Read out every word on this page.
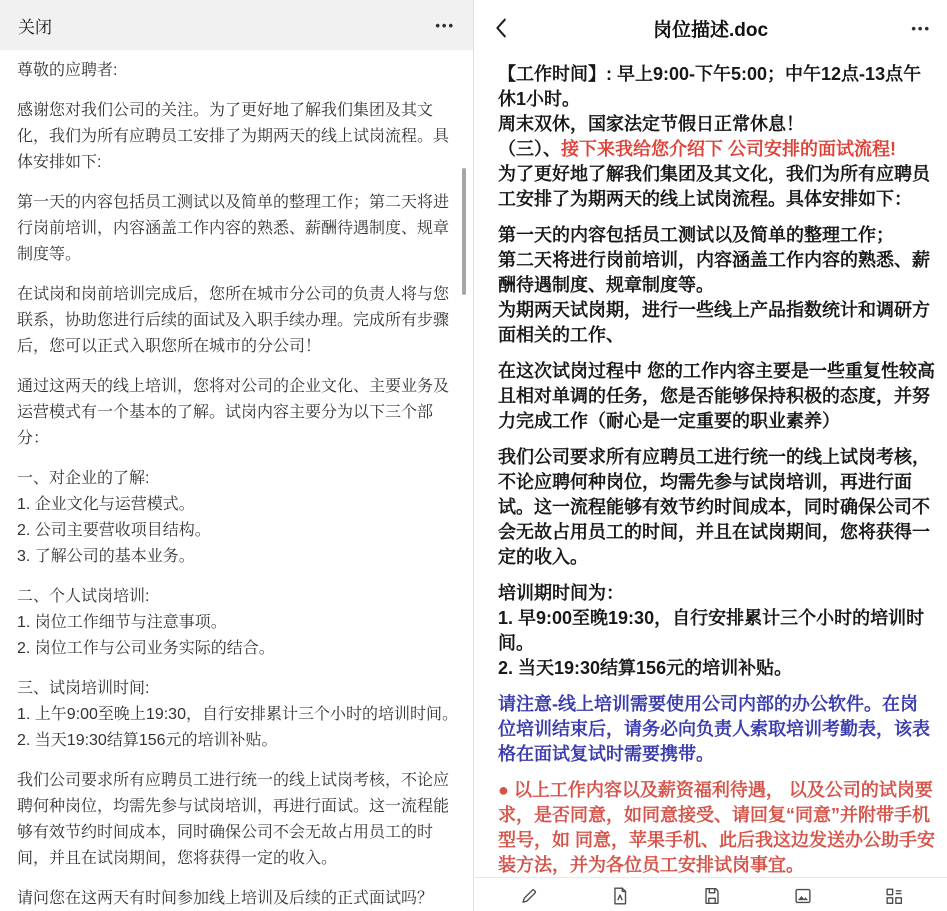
关闭	•••

尊敬的应聘者:

感谢您对我们公司的关注。为了更好地了解我们集团及其文化，我们为所有应聘员工安排了为期两天的线上试岗流程。具体安排如下:

第一天的内容包括员工测试以及简单的整理工作；第二天将进行岗前培训，内容涵盖工作内容的熟悉、薪酬待遇制度、规章制度等。

在试岗和岗前培训完成后，您所在城市分公司的负责人将与您联系，协助您进行后续的面试及入职手续办理。完成所有步骤后，您可以正式入职您所在城市的分公司！

通过这两天的线上培训，您将对公司的企业文化、主要业务及运营模式有一个基本的了解。试岗内容主要分为以下三个部分：

一、对企业的了解:

1. 企业文化与运营模式。

2. 公司主要营收项目结构。

3. 了解公司的基本业务。

二、个人试岗培训:

1. 岗位工作细节与注意事项。

2. 岗位工作与公司业务实际的结合。

三、试岗培训时间:

1. 上午9:00至晚上19:30，自行安排累计三个小时的培训时间。

2. 当天19:30结算156元的培训补贴。

我们公司要求所有应聘员工进行统一的线上试岗考核，不论应聘何种岗位，均需先参与试岗培训，再进行面试。这一流程能够有效节约时间成本，同时确保公司不会无故占用员工的时间，并且在试岗期间，您将获得一定的收入。

请问您在这两天有时间参加线上培训及后续的正式面试吗？

岗位描述.doc	•••

【工作时间】: 早上9:00-下午5:00；中午12点-13点午休1小时。

周末双休，国家法定节假日正常休息！

（三）、接下来我给您介绍下 公司安排的面试流程!

为了更好地了解我们集团及其文化，我们为所有应聘员工安排了为期两天的线上试岗流程。具体安排如下：

第一天的内容包括员工测试以及简单的整理工作；

第二天将进行岗前培训，内容涵盖工作内容的熟悉、薪酬待遇制度、规章制度等。

为期两天试岗期，进行一些线上产品指数统计和调研方面相关的工作、

在这次试岗过程中 您的工作内容主要是一些重复性较高且相对单调的任务，您是否能够保持积极的态度，并努力完成工作（耐心是一定重要的职业素养）

我们公司要求所有应聘员工进行统一的线上试岗考核，不论应聘何种岗位，均需先参与试岗培训，再进行面试。这一流程能够有效节约时间成本，同时确保公司不会无故占用员工的时间，并且在试岗期间，您将获得一定的收入。

培训期时间为：

1. 早9:00至晚19:30，自行安排累计三个小时的培训时间。

2. 当天19:30结算156元的培训补贴。

请注意-线上培训需要使用公司内部的办公软件。在岗位培训结束后，请务必向负责人索取培训考勤表，该表格在面试复试时需要携带。

● 以上工作内容以及薪资福利待遇， 以及公司的试岗要求，是否同意，如同意接受、请回复“同意”并附带手机型号，如 同意，苹果手机、此后我这边发送办公助手安装方法，并为各位员工安排试岗事宜。
